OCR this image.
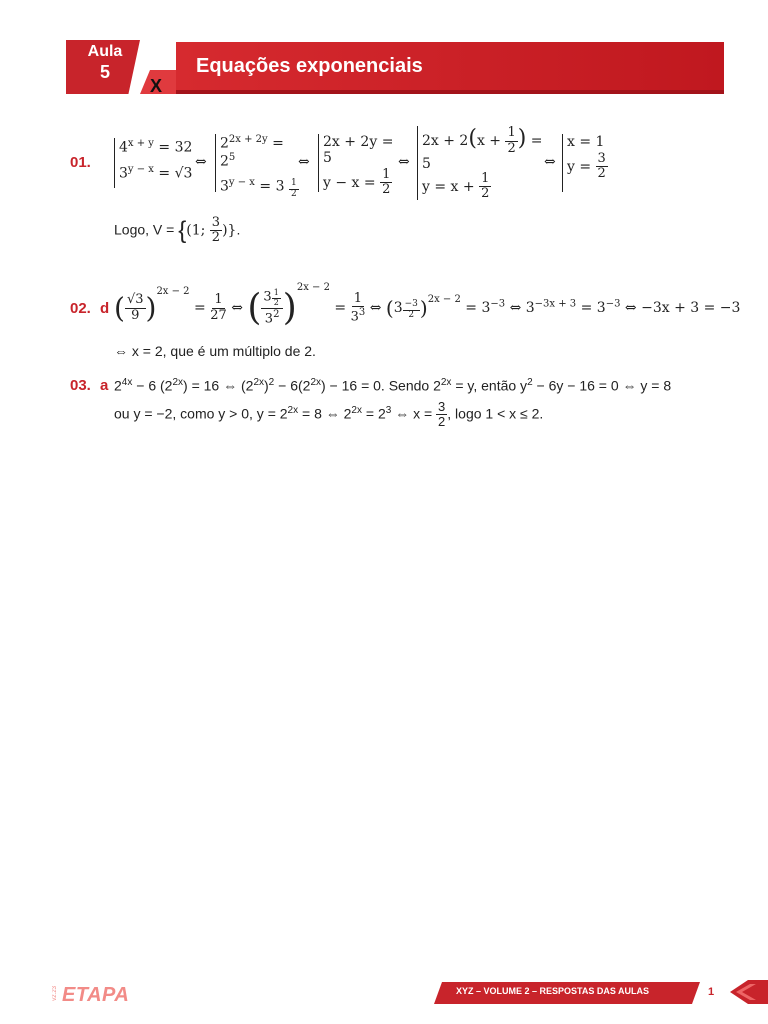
Aula
5
X
Equações exponenciais
01.
$4^{x + y} = 32$
$3^{y - x} = √3$
⇔
$2^{2x + 2y} = 2^5$
$3^{y - x} = 3 \frac{1}{2}$
⇔
2x + 2y = 5
$y - x = \frac{1}{2}$
⇔
$2x + 2(x + \frac{1}{2}$ ) = 5
$y = x + \frac{1}{2}$
⇔
x = 1
$y = \frac{3}{2}$
Logo, V = {(1; $\frac{3}{2}$ )}.
02. d ( $\frac{√3}{9} )^{2x - 2} = \frac{1}{27}$ ⇔ ( $\frac{3 \frac{1}{2}}{3^2} )^{2x - 2} = \frac{1}{3^3}$ ⇔ $(3 \frac{-3}{2} )^{2x - 2} = 3^{-3}$ ⇔ $3^{-3x + 3} = 3^{-3}$ ⇔ −3x + 3 = −3
⇔ x = 2, que é um múltiplo de 2.
03. a $2^{4x} - 6$ $(2^{2x}) = 16$ ⇔ $(2^{2x})^2 - 6(2^{2x}) - 16 = 0$. Sendo $2^{2x} = y$, então $y^2 - 6y - 16 = 0$ ⇔ y = 8
ou y = −2, como y > 0, $y = 2^{2x} = 8$ ⇔ $2^{2x} = 2^3$ ⇔ $x = \frac{3}{2}$ , logo 1 < x ≤ 2.
v2.23 ETAPA	XYZ – VOLUME 2 – RESPOSTAS DAS AULAS	1
